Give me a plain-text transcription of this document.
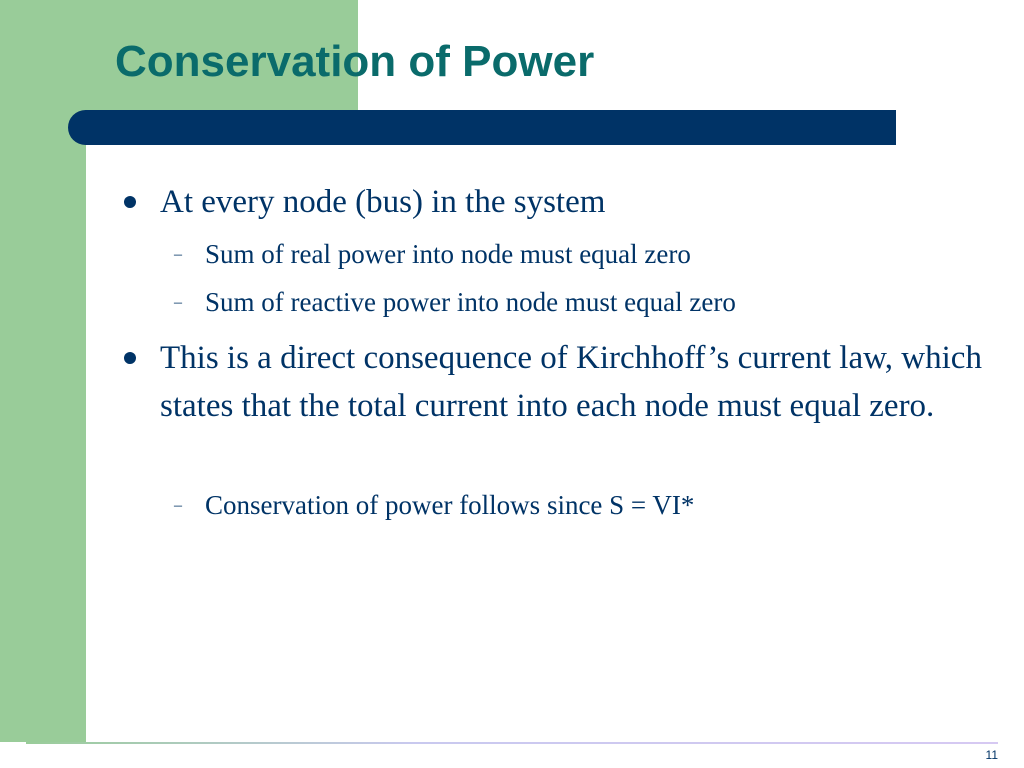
Conservation of Power

At every node (bus) in the system

– Sum of real power into node must equal zero

– Sum of reactive power into node must equal zero

This is a direct consequence of Kirchhoff’s current law, which states that the total current into each node must equal zero.

– Conservation of power follows since S = VI*

11
